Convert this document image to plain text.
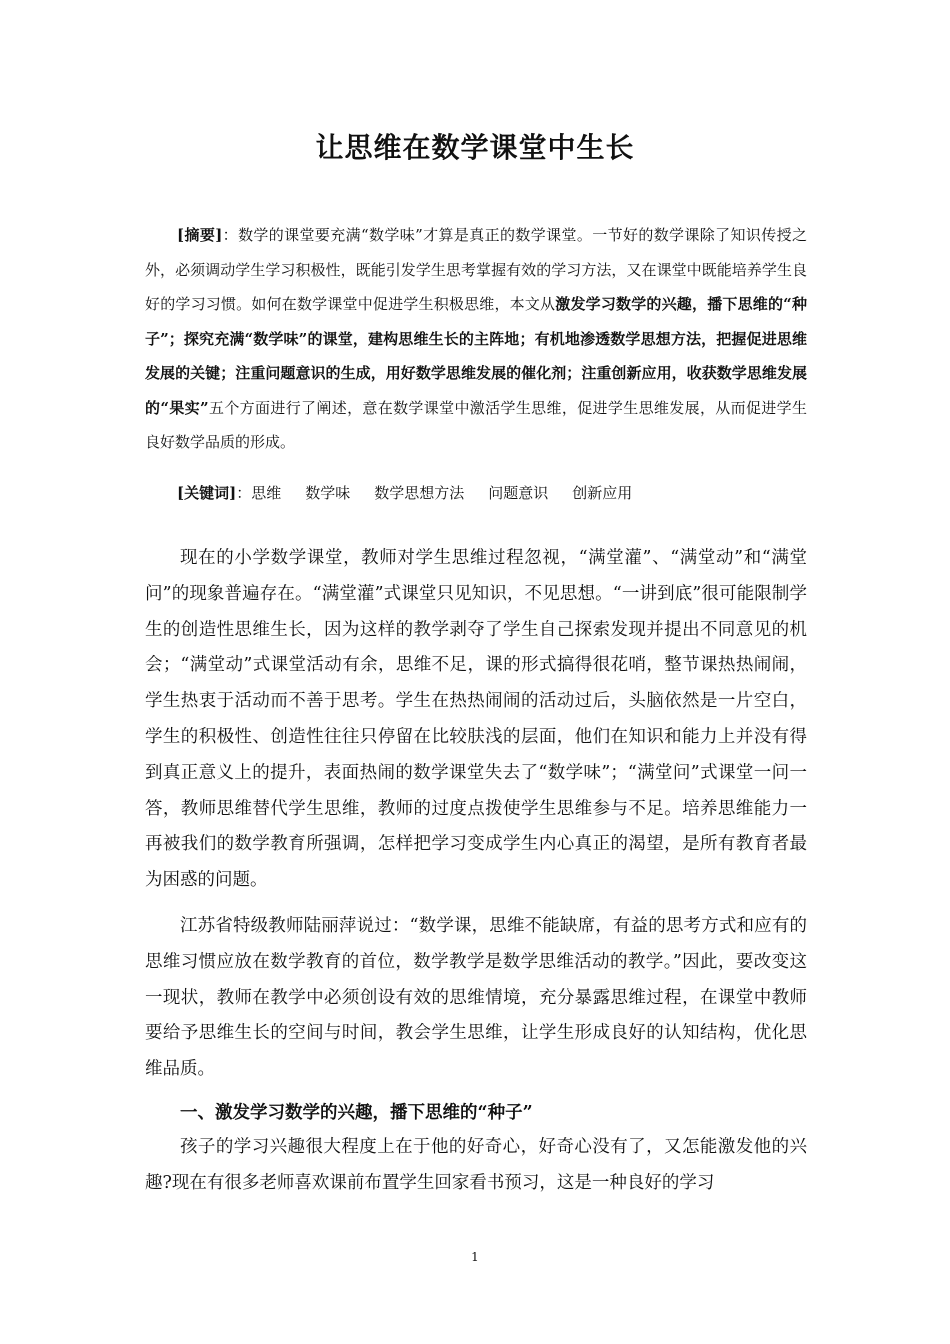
让思维在数学课堂中生长

[摘要]：数学的课堂要充满“数学味”才算是真正的数学课堂。一节好的数学课除了知识传授之外，必须调动学生学习积极性，既能引发学生思考掌握有效的学习方法，又在课堂中既能培养学生良好的学习习惯。如何在数学课堂中促进学生积极思维，本文从激发学习数学的兴趣，播下思维的“种子”；探究充满“数学味”的课堂，建构思维生长的主阵地；有机地渗透数学思想方法，把握促进思维发展的关键；注重问题意识的生成，用好数学思维发展的催化剂；注重创新应用，收获数学思维发展的“果实”五个方面进行了阐述，意在数学课堂中激活学生思维，促进学生思维发展，从而促进学生良好数学品质的形成。

[关键词]：思维 数学味 数学思想方法 问题意识 创新应用

现在的小学数学课堂，教师对学生思维过程忽视，“满堂灌”、“满堂动”和“满堂问”的现象普遍存在。“满堂灌”式课堂只见知识，不见思想。“一讲到底”很可能限制学生的创造性思维生长，因为这样的教学剥夺了学生自己探索发现并提出不同意见的机会；“满堂动”式课堂活动有余，思维不足，课的形式搞得很花哨，整节课热热闹闹，学生热衷于活动而不善于思考。学生在热热闹闹的活动过后，头脑依然是一片空白，学生的积极性、创造性往往只停留在比较肤浅的层面，他们在知识和能力上并没有得到真正意义上的提升，表面热闹的数学课堂失去了“数学味”；“满堂问”式课堂一问一答，教师思维替代学生思维，教师的过度点拨使学生思维参与不足。培养思维能力一再被我们的数学教育所强调，怎样把学习变成学生内心真正的渴望，是所有教育者最为困惑的问题。

江苏省特级教师陆丽萍说过：“数学课，思维不能缺席，有益的思考方式和应有的思维习惯应放在数学教育的首位，数学教学是数学思维活动的教学。”因此，要改变这一现状，教师在教学中必须创设有效的思维情境，充分暴露思维过程，在课堂中教师要给予思维生长的空间与时间，教会学生思维，让学生形成良好的认知结构，优化思维品质。

一、激发学习数学的兴趣，播下思维的“种子”

孩子的学习兴趣很大程度上在于他的好奇心，好奇心没有了，又怎能激发他的兴趣?现在有很多老师喜欢课前布置学生回家看书预习，这是一种良好的学习

1
